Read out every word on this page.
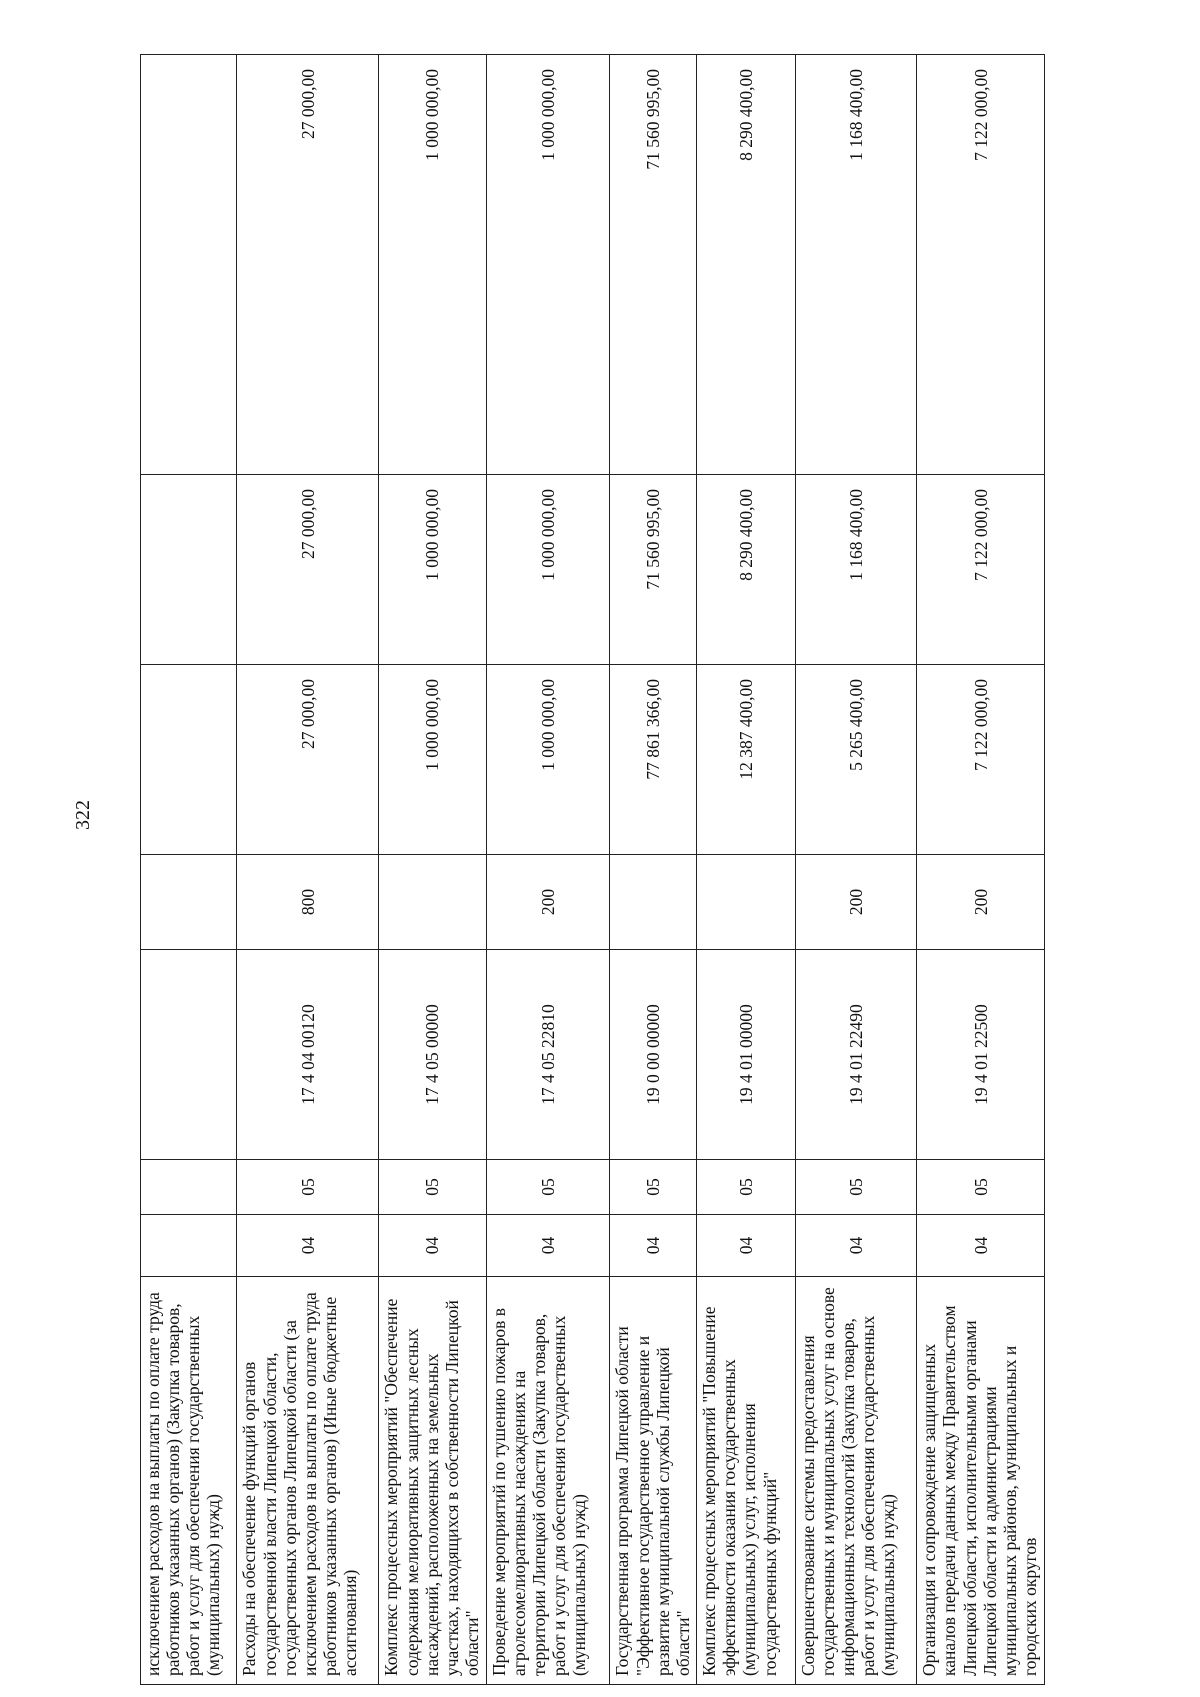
322
исключением расходов на выплаты по оплате труда работников указанных органов) (Закупка товаров, работ и услуг для обеспечения государственных (муниципальных) нужд)							
Расходы на обеспечение функций органов государственной власти Липецкой области, государственных органов Липецкой области (за исключением расходов на выплаты по оплате труда работников указанных органов) (Иные бюджетные ассигнования)	04	05	17 4 04 00120	800	27 000,00	27 000,00	27 000,00
Комплекс процессных мероприятий "Обеспечение содержания мелиоративных защитных лесных насаждений, расположенных на земельных участках, находящихся в собственности Липецкой области"	04	05	17 4 05 00000		1 000 000,00	1 000 000,00	1 000 000,00
Проведение мероприятий по тушению пожаров в агролесомелиоративных насаждениях на территории Липецкой области (Закупка товаров, работ и услуг для обеспечения государственных (муниципальных) нужд)	04	05	17 4 05 22810	200	1 000 000,00	1 000 000,00	1 000 000,00
Государственная программа Липецкой области "Эффективное государственное управление и развитие муниципальной службы Липецкой области"	04	05	19 0 00 00000		77 861 366,00	71 560 995,00	71 560 995,00
Комплекс процессных мероприятий "Повышение эффективности оказания государственных (муниципальных) услуг, исполнения государственных функций"	04	05	19 4 01 00000		12 387 400,00	8 290 400,00	8 290 400,00
Совершенствование системы предоставления государственных и муниципальных услуг на основе информационных технологий (Закупка товаров, работ и услуг для обеспечения государственных (муниципальных) нужд)	04	05	19 4 01 22490	200	5 265 400,00	1 168 400,00	1 168 400,00
Организация и сопровождение защищенных каналов передачи данных между Правительством Липецкой области, исполнительными органами Липецкой области и администрациями муниципальных районов, муниципальных и городских округов	04	05	19 4 01 22500	200	7 122 000,00	7 122 000,00	7 122 000,00
